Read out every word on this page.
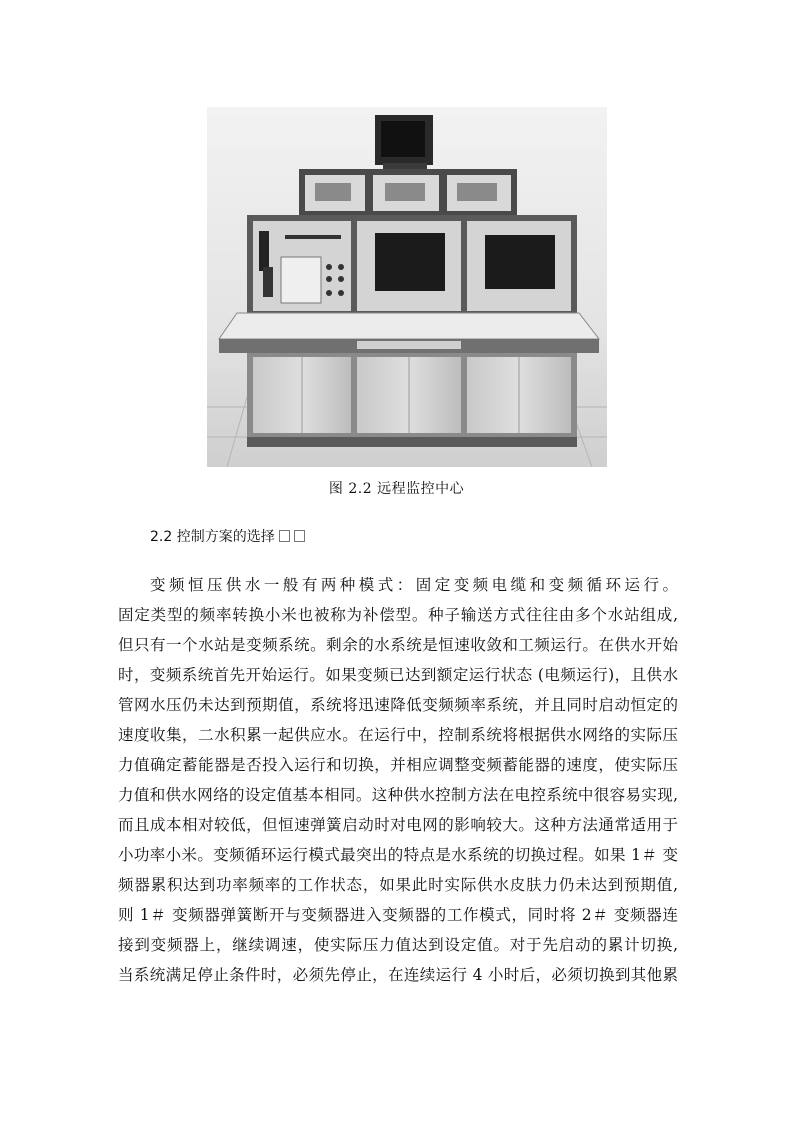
图 2.2 远程监控中心
2.2 控制方案的选择
变频恒压供水一般有两种模式：固定变频电缆和变频循环运行。
固定类型的频率转换小米也被称为补偿型。种子输送方式往往由多个水站组成,
但只有一个水站是变频系统。剩余的水系统是恒速收敛和工频运行。在供水开始
时，变频系统首先开始运行。如果变频已达到额定运行状态 (电频运行)，且供水
管网水压仍未达到预期值，系统将迅速降低变频频率系统，并且同时启动恒定的
速度收集，二水积累一起供应水。在运行中，控制系统将根据供水网络的实际压
力值确定蓄能器是否投入运行和切换，并相应调整变频蓄能器的速度，使实际压
力值和供水网络的设定值基本相同。这种供水控制方法在电控系统中很容易实现,
而且成本相对较低，但恒速弹簧启动时对电网的影响较大。这种方法通常适用于
小功率小米。变频循环运行模式最突出的特点是水系统的切换过程。如果 1＃ 变
频器累积达到功率频率的工作状态，如果此时实际供水皮肤力仍未达到预期值,
则 1＃ 变频器弹簧断开与变频器进入变频器的工作模式，同时将 2＃ 变频器连
接到变频器上，继续调速，使实际压力值达到设定值。对于先启动的累计切换,
当系统满足停止条件时，必须先停止，在连续运行 4 小时后，必须切换到其他累
